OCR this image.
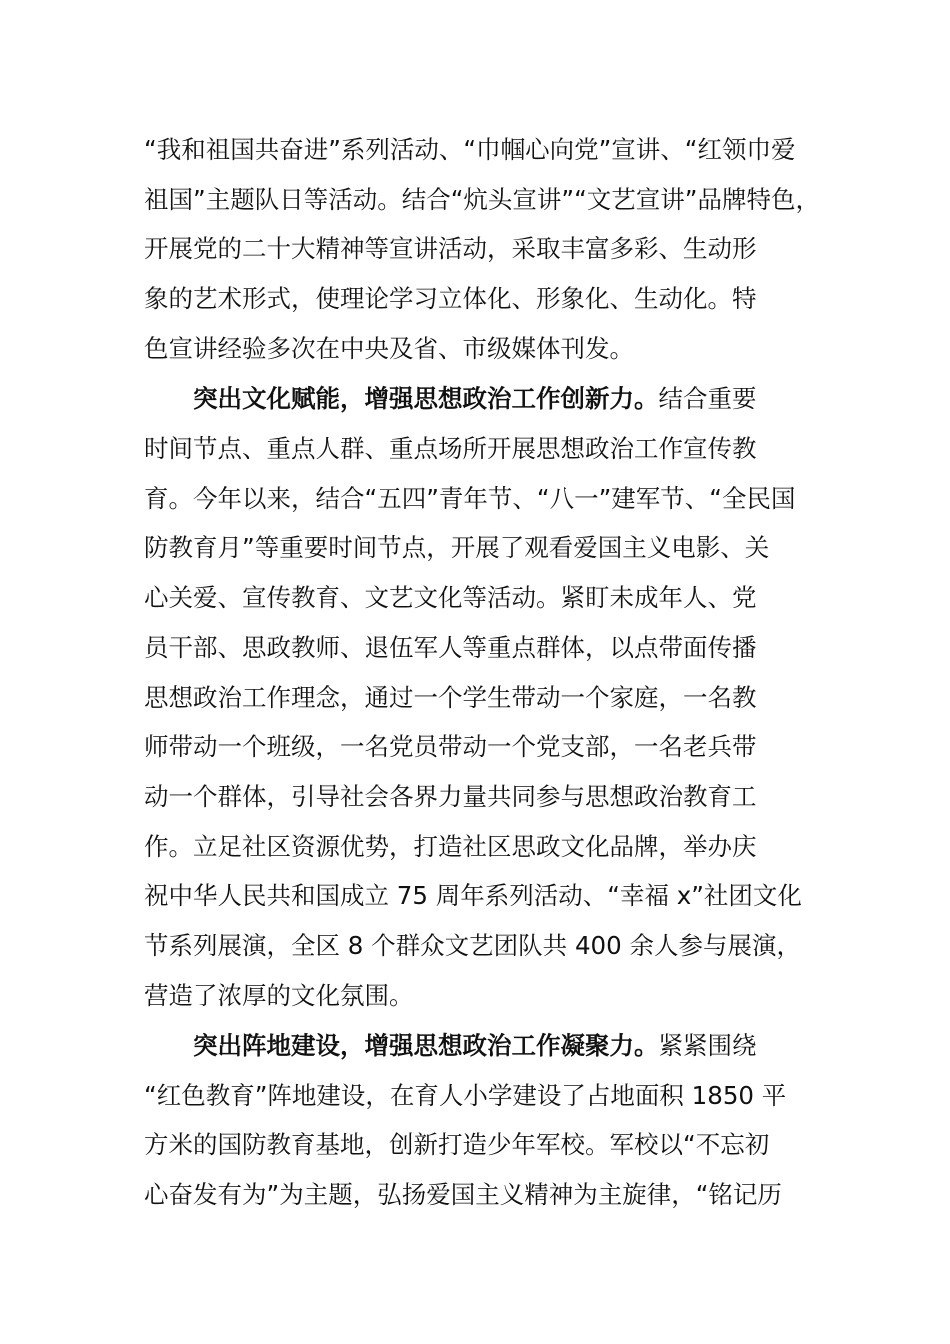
“我和祖国共奋进”系列活动、“巾帼心向党”宣讲、“红领巾爱
祖国”主题队日等活动。结合“炕头宣讲”“文艺宣讲”品牌特色，
开展党的二十大精神等宣讲活动，采取丰富多彩、生动形
象的艺术形式，使理论学习立体化、形象化、生动化。特
色宣讲经验多次在中央及省、市级媒体刊发。
突出文化赋能，增强思想政治工作创新力。结合重要
时间节点、重点人群、重点场所开展思想政治工作宣传教
育。今年以来，结合“五四”青年节、“八一”建军节、“全民国
防教育月”等重要时间节点，开展了观看爱国主义电影、关
心关爱、宣传教育、文艺文化等活动。紧盯未成年人、党
员干部、思政教师、退伍军人等重点群体，以点带面传播
思想政治工作理念，通过一个学生带动一个家庭，一名教
师带动一个班级，一名党员带动一个党支部，一名老兵带
动一个群体，引导社会各界力量共同参与思想政治教育工
作。立足社区资源优势，打造社区思政文化品牌，举办庆
祝中华人民共和国成立 75 周年系列活动、“幸福 x”社团文化
节系列展演，全区 8 个群众文艺团队共 400 余人参与展演，
营造了浓厚的文化氛围。
突出阵地建设，增强思想政治工作凝聚力。紧紧围绕
“红色教育”阵地建设，在育人小学建设了占地面积 1850 平
方米的国防教育基地，创新打造少年军校。军校以“不忘初
心奋发有为”为主题，弘扬爱国主义精神为主旋律，“铭记历
